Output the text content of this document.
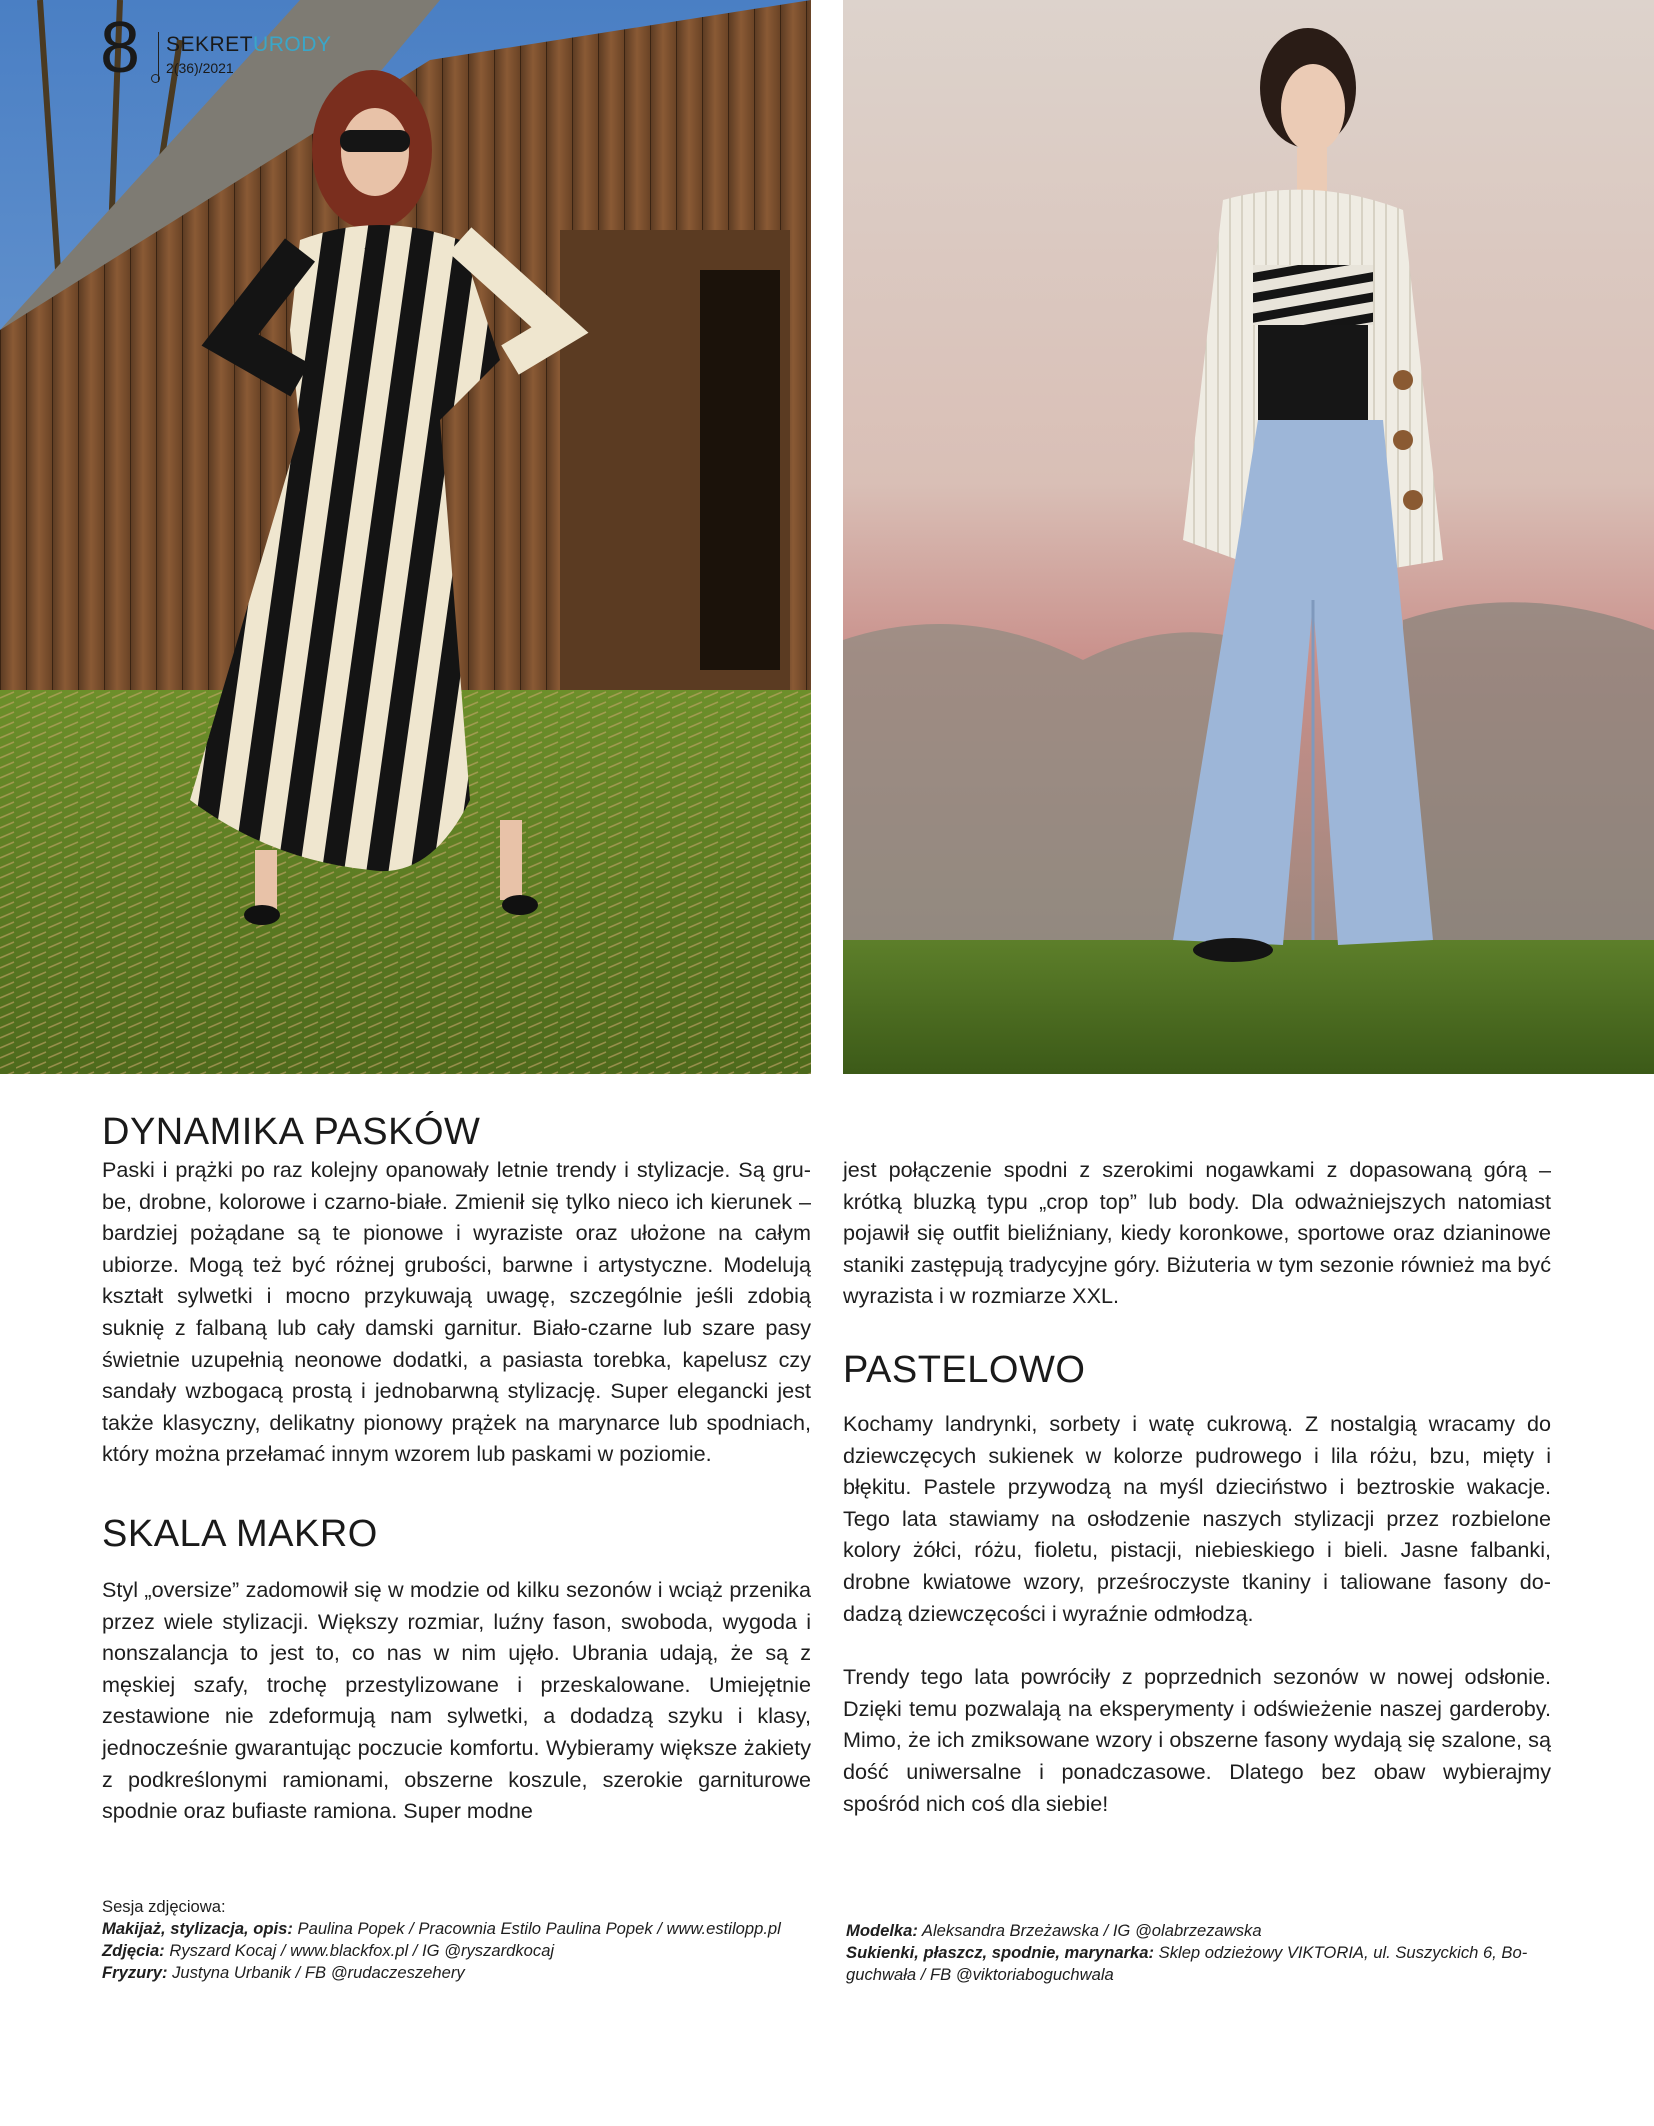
8 SEKRETURODY
2(36)/2021
DYNAMIKA PASKÓW

Paski i prążki po raz kolejny opanowały letnie trendy i stylizacje. Są grube, drobne, kolorowe i czarno-białe. Zmienił się tylko nieco ich kierunek – bardziej pożądane są te pionowe i wyraziste oraz ułożone na całym ubiorze. Mogą też być różnej grubości, barwne i artystyczne. Modelują kształt sylwetki i mocno przykuwają uwagę, szczególnie jeśli zdobią suknię z falbaną lub cały damski garnitur. Biało-czarne lub szare pasy świetnie uzupełnią neonowe dodatki, a pasiasta torebka, kapelusz czy sandały wzbogacą prostą i jednobarwną stylizację. Super elegancki jest także klasyczny, delikatny pionowy prążek na marynarce lub spodniach, który można przełamać innym wzorem lub paskami w poziomie.

SKALA MAKRO

Styl „oversize” zadomowił się w modzie od kilku sezonów i wciąż przenika przez wiele stylizacji. Większy rozmiar, luźny fason, swoboda, wygoda i nonszalancja to jest to, co nas w nim ujęło. Ubrania udają, że są z męskiej szafy, trochę przestylizowane i przeskalowane. Umiejętnie zestawione nie zdeformują nam sylwetki, a dodadzą szyku i klasy, jednocześnie gwarantując poczucie komfortu. Wybieramy większe żakiety z podkreślonymi ramionami, obszerne koszule, szerokie garniturowe spodnie oraz bufiaste ramiona. Super modne

jest połączenie spodni z szerokimi nogawkami z dopasowaną górą – krótką bluzką typu „crop top” lub body. Dla odważniejszych natomiast pojawił się outfit bieliźniany, kiedy koronkowe, sportowe oraz dzianinowe staniki zastępują tradycyjne góry. Biżuteria w tym sezonie również ma być wyrazista i w rozmiarze XXL.

PASTELOWO

Kochamy landrynki, sorbety i watę cukrową. Z nostalgią wracamy do dziewczęcych sukienek w kolorze pudrowego i lila różu, bzu, mięty i błękitu. Pastele przywodzą na myśl dzieciństwo i beztroskie wakacje. Tego lata stawiamy na osłodzenie naszych stylizacji przez rozbielone kolory żółci, różu, fioletu, pistacji, niebieskiego i bieli. Jasne falbanki, drobne kwiatowe wzory, prześroczyste tkaniny i taliowane fasony dodadzą dziewczęcości i wyraźnie odmłodzą.

Trendy tego lata powróciły z poprzednich sezonów w nowej odsłonie. Dzięki temu pozwalają na eksperymenty i odświeżenie naszej garderoby. Mimo, że ich zmiksowane wzory i obszerne fasony wydają się szalone, są dość uniwersalne i ponadczasowe. Dlatego bez obaw wybierajmy spośród nich coś dla siebie!

Sesja zdjęciowa:
Makijaż, stylizacja, opis: Paulina Popek / Pracownia Estilo Paulina Popek / www.estilopp.pl
Zdjęcia: Ryszard Kocaj / www.blackfox.pl / IG @ryszardkocaj
Fryzury: Justyna Urbanik / FB @rudaczeszehery
Modelka: Aleksandra Brzeżawska / IG @olabrzezawska
Sukienki, płaszcz, spodnie, marynarka: Sklep odzieżowy VIKTORIA, ul. Suszyckich 6, Boguchwała / FB @viktoriaboguchwala
